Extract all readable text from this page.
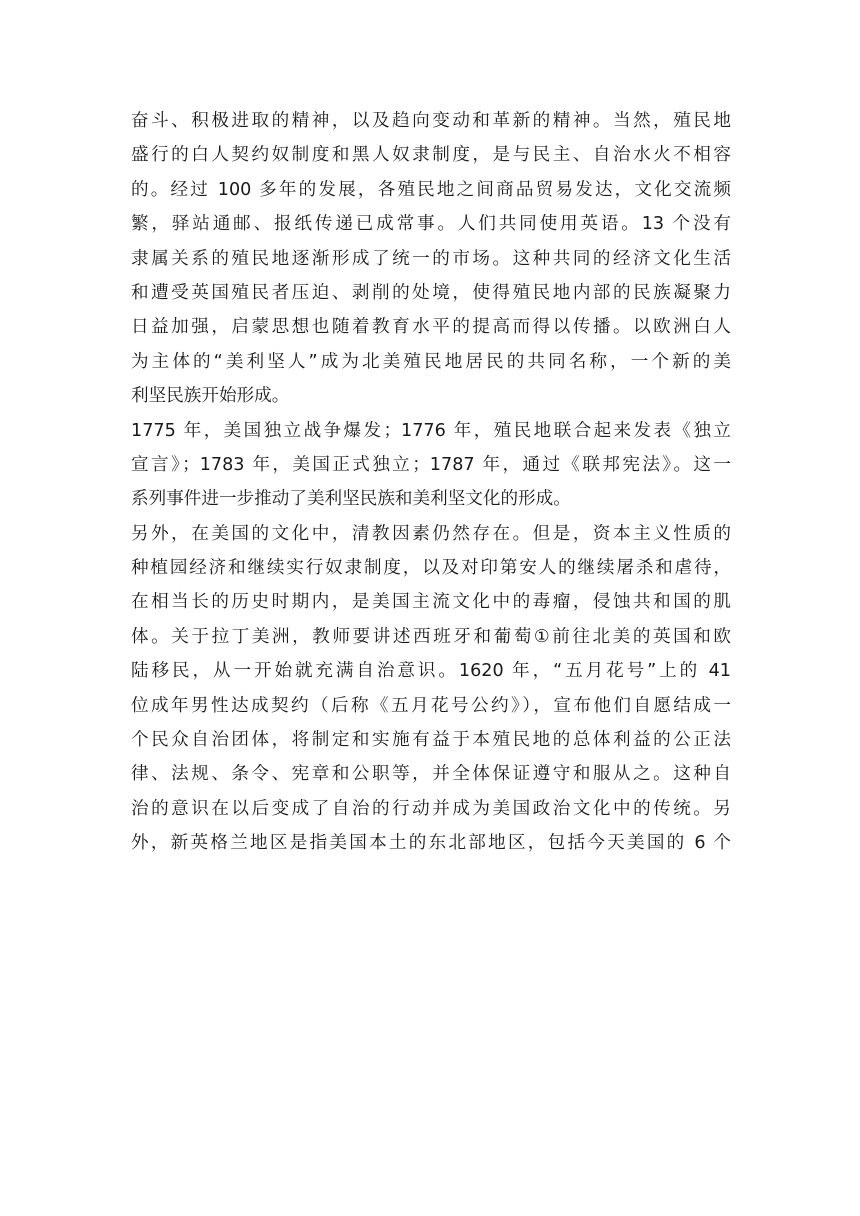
奋斗、积极进取的精神，以及趋向变动和革新的精神。当然，殖民地
盛行的白人契约奴制度和黑人奴隶制度，是与民主、自治水火不相容
的。经过 100 多年的发展，各殖民地之间商品贸易发达，文化交流频
繁，驿站通邮、报纸传递已成常事。人们共同使用英语。13 个没有
隶属关系的殖民地逐渐形成了统一的市场。这种共同的经济文化生活
和遭受英国殖民者压迫、剥削的处境，使得殖民地内部的民族凝聚力
日益加强，启蒙思想也随着教育水平的提高而得以传播。以欧洲白人
为主体的“美利坚人”成为北美殖民地居民的共同名称，一个新的美
利坚民族开始形成。
1775 年，美国独立战争爆发；1776 年，殖民地联合起来发表《独立
宣言》；1783 年，美国正式独立；1787 年，通过《联邦宪法》。这一
系列事件进一步推动了美利坚民族和美利坚文化的形成。
另外，在美国的文化中，清教因素仍然存在。但是，资本主义性质的
种植园经济和继续实行奴隶制度，以及对印第安人的继续屠杀和虐待，
在相当长的历史时期内，是美国主流文化中的毒瘤，侵蚀共和国的肌
体。关于拉丁美洲，教师要讲述西班牙和葡萄①前往北美的英国和欧
陆移民，从一开始就充满自治意识。1620 年，“五月花号”上的 41
位成年男性达成契约（后称《五月花号公约》），宣布他们自愿结成一
个民众自治团体，将制定和实施有益于本殖民地的总体利益的公正法
律、法规、条令、宪章和公职等，并全体保证遵守和服从之。这种自
治的意识在以后变成了自治的行动并成为美国政治文化中的传统。另
外，新英格兰地区是指美国本土的东北部地区，包括今天美国的 6 个
